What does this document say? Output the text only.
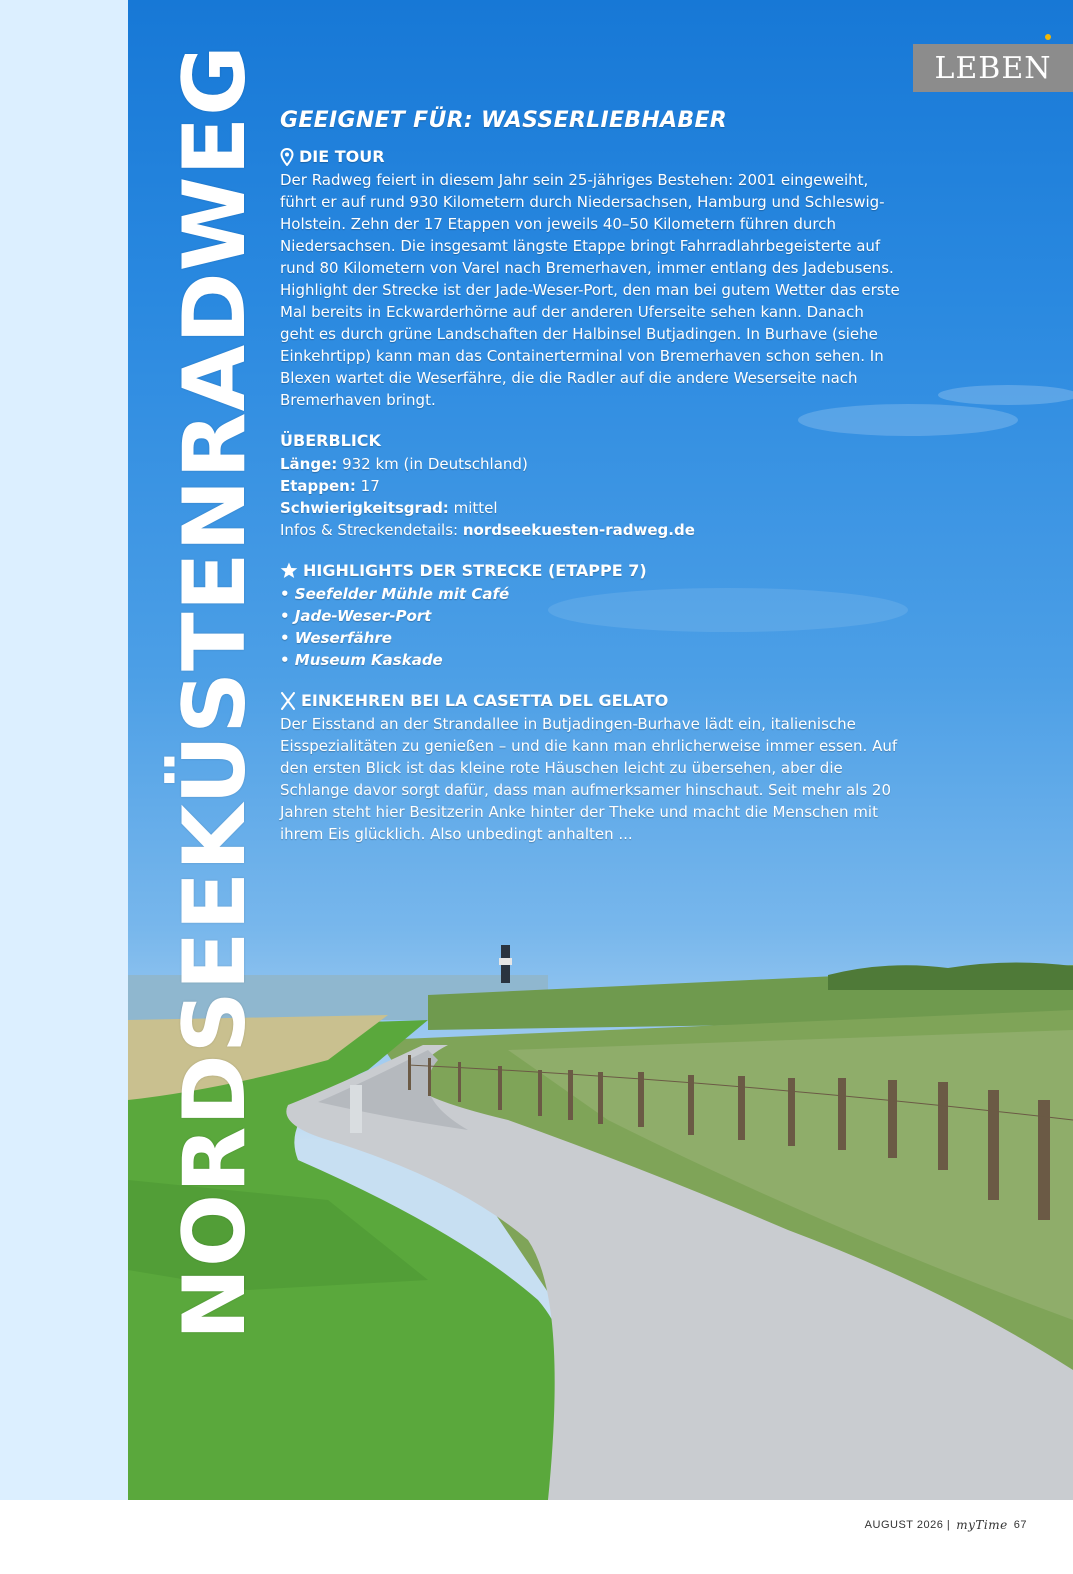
LEBEN
NORDSEEKÜSTENRADWEG GEEIGNET FÜR: WASSERLIEBHABER
DIE TOUR

Der Radweg feiert in diesem Jahr sein 25-jähriges Bestehen: 2001 eingeweiht, führt er auf rund 930 Kilometern durch Niedersachsen, Hamburg und Schleswig-Holstein. Zehn der 17 Etappen von jeweils 40–50 Kilometern führen durch Niedersachsen. Die insgesamt längste Etappe bringt Fahrradlahrbegeisterte auf rund 80 Kilometern von Varel nach Bremerhaven, immer entlang des Jadebusens. Highlight der Strecke ist der Jade-Weser-Port, den man bei gutem Wetter das erste Mal bereits in Eckwarderhörne auf der anderen Uferseite sehen kann. Danach geht es durch grüne Landschaften der Halbinsel Butjadingen. In Burhave (siehe Einkehrtipp) kann man das Containerterminal von Bremerhaven schon sehen. In Blexen wartet die Weserfähre, die die Radler auf die andere Weserseite nach Bremerhaven bringt.

ÜBERBLICK
Länge: 932 km (in Deutschland)
Etappen: 17
Schwierigkeitsgrad: mittel
Infos & Streckendetails: nordseekuesten-radweg.de
HIGHLIGHTS DER STRECKE (ETAPPE 7)
• Seefelder Mühle mit Café
• Jade-Weser-Port
• Weserfähre
• Museum Kaskade
EINKEHREN BEI LA CASETTA DEL GELATO

Der Eisstand an der Strandallee in Butjadingen-Burhave lädt ein, italienische Eisspezialitäten zu genießen – und die kann man ehrlicherweise immer essen. Auf den ersten Blick ist das kleine rote Häuschen leicht zu übersehen, aber die Schlange davor sorgt dafür, dass man aufmerksamer hinschaut. Seit mehr als 20 Jahren steht hier Besitzerin Anke hinter der Theke und macht die Menschen mit ihrem Eis glücklich. Also unbedingt anhalten ...

AUGUST 2026 | myTime 67
